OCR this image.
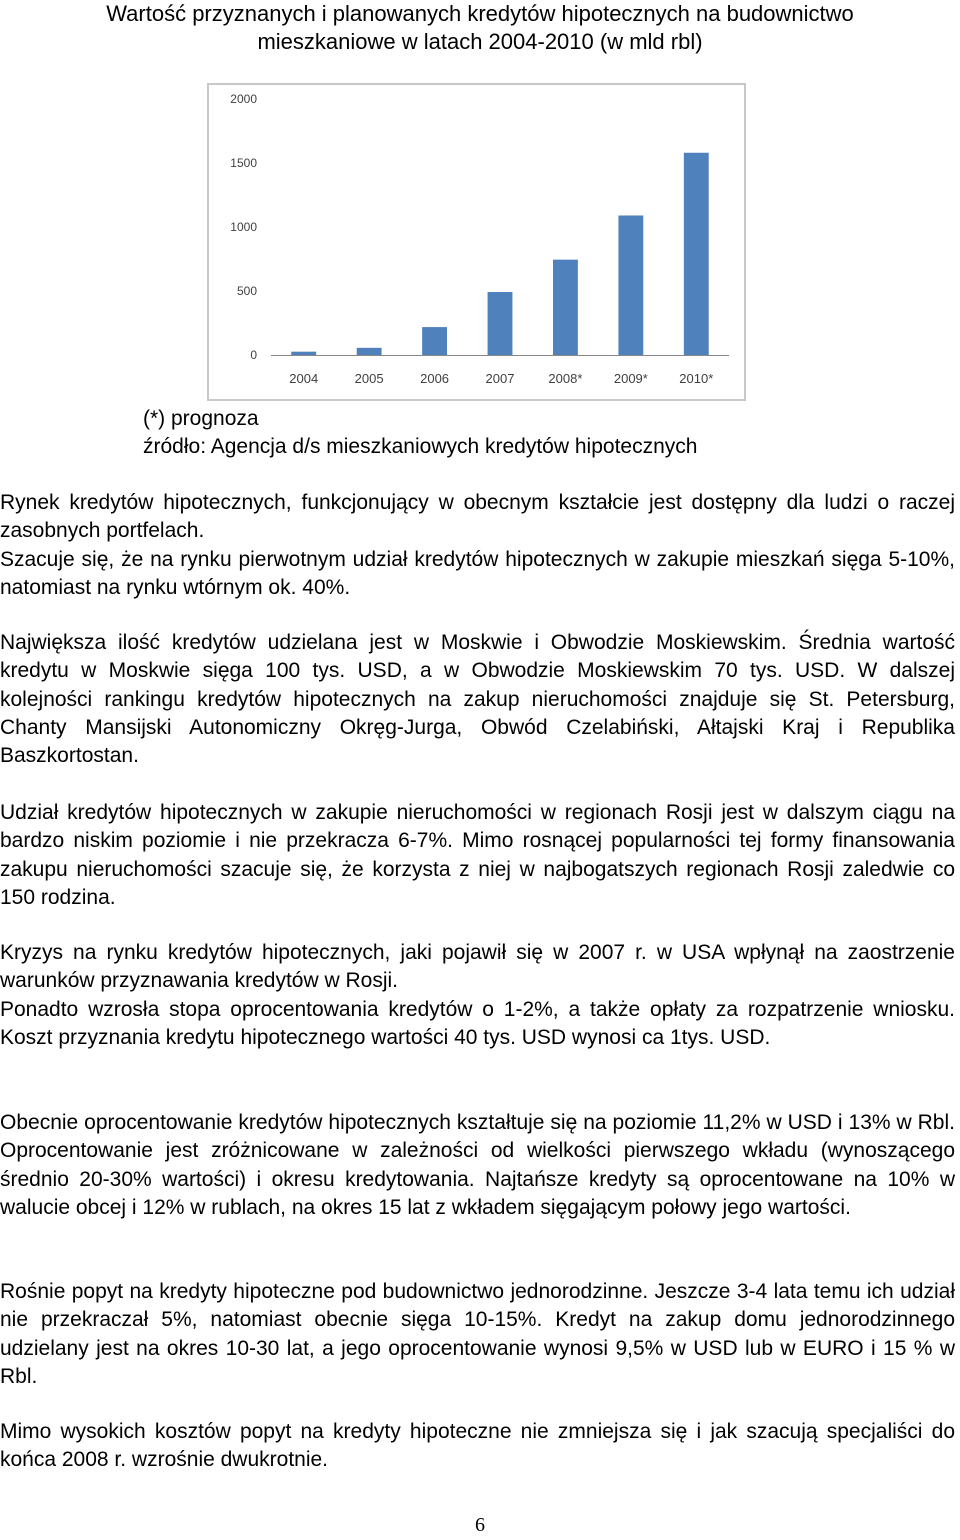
Wartość przyznanych i planowanych kredytów hipotecznych na budownictwo
mieszkaniowe w latach 2004-2010 (w mld rbl)
0
500
1000
1500
2000
2004	2005	2006	2007	2008* 2009* 2010*
(*) prognoza
źródło: Agencja d/s mieszkaniowych kredytów hipotecznych

Rynek kredytów hipotecznych, funkcjonujący w obecnym kształcie jest dostępny dla ludzi o raczej zasobnych portfelach.

Szacuje się, że na rynku pierwotnym udział kredytów hipotecznych w zakupie mieszkań sięga 5-10%, natomiast na rynku wtórnym ok. 40%.

Największa ilość kredytów udzielana jest w Moskwie i Obwodzie Moskiewskim. Średnia wartość kredytu w Moskwie sięga 100 tys. USD, a w Obwodzie Moskiewskim 70 tys. USD. W dalszej kolejności rankingu kredytów hipotecznych na zakup nieruchomości znajduje się St. Petersburg, Chanty Mansijski Autonomiczny Okręg-Jurga, Obwód Czelabiński, Ałtajski Kraj i Republika Baszkortostan.

Udział kredytów hipotecznych w zakupie nieruchomości w regionach Rosji jest w dalszym ciągu na bardzo niskim poziomie i nie przekracza 6-7%. Mimo rosnącej popularności tej formy finansowania zakupu nieruchomości szacuje się, że korzysta z niej w najbogatszych regionach Rosji zaledwie co 150 rodzina.

Kryzys na rynku kredytów hipotecznych, jaki pojawił się w 2007 r. w USA wpłynął na zaostrzenie warunków przyznawania kredytów w Rosji.

Ponadto wzrosła stopa oprocentowania kredytów o 1-2%, a także opłaty za rozpatrzenie wniosku. Koszt przyznania kredytu hipotecznego wartości 40 tys. USD wynosi ca 1tys. USD.

Obecnie oprocentowanie kredytów hipotecznych kształtuje się na poziomie 11,2% w USD i 13% w Rbl. Oprocentowanie jest zróżnicowane w zależności od wielkości pierwszego wkładu (wynoszącego średnio 20-30% wartości) i okresu kredytowania. Najtańsze kredyty są oprocentowane na 10% w walucie obcej i 12% w rublach, na okres 15 lat z wkładem sięgającym połowy jego wartości.

Rośnie popyt na kredyty hipoteczne pod budownictwo jednorodzinne. Jeszcze 3-4 lata temu ich udział nie przekraczał 5%, natomiast obecnie sięga 10-15%. Kredyt na zakup domu jednorodzinnego udzielany jest na okres 10-30 lat, a jego oprocentowanie wynosi 9,5% w USD lub w EURO i 15 % w Rbl.

Mimo wysokich kosztów popyt na kredyty hipoteczne nie zmniejsza się i jak szacują specjaliści do końca 2008 r. wzrośnie dwukrotnie.

6
